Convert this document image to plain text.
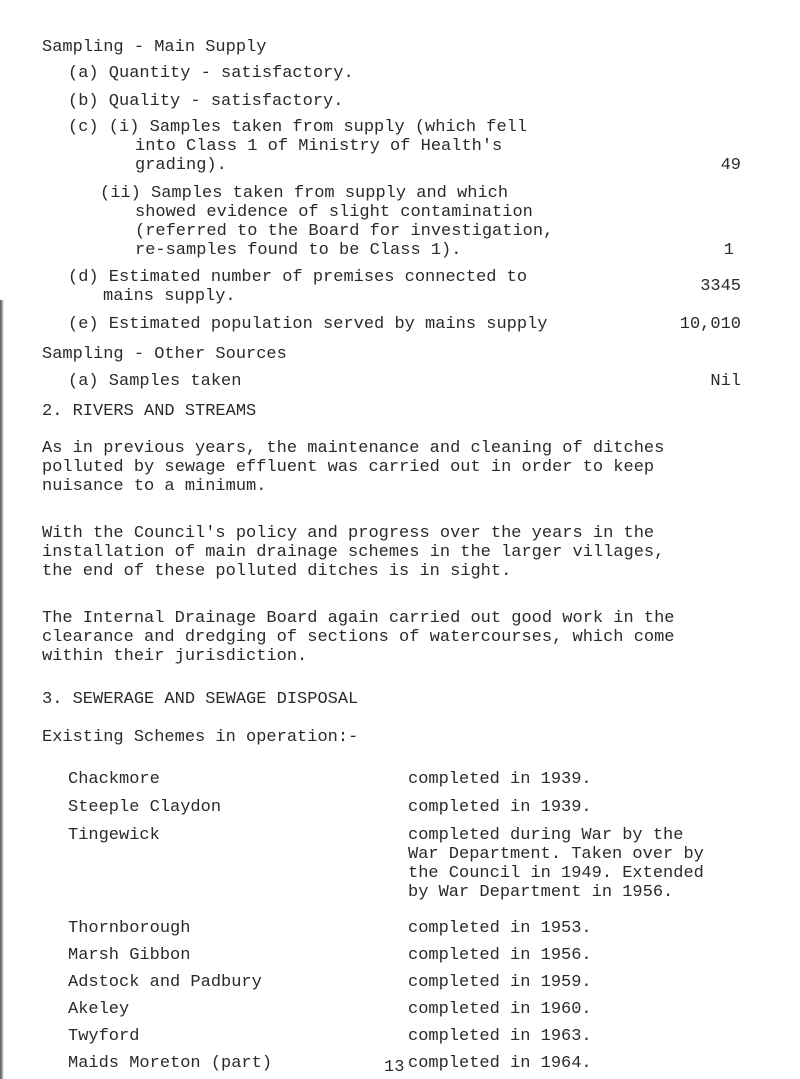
Sampling - Main Supply
(a) Quantity - satisfactory.
(b) Quality - satisfactory.
(c) (i) Samples taken from supply (which fell
into Class 1 of Ministry of Health's
grading).	49
(ii) Samples taken from supply and which
showed evidence of slight contamination
(referred to the Board for investigation,
re-samples found to be Class 1).	1
(d) Estimated number of premises connected to
mains supply.
3345
(e) Estimated population served by mains supply	10,010
Sampling - Other Sources
(a) Samples taken	Nil
2. RIVERS AND STREAMS
As in previous years, the maintenance and cleaning of ditches
polluted by sewage effluent was carried out in order to keep
nuisance to a minimum.
With the Council's policy and progress over the years in the
installation of main drainage schemes in the larger villages,
the end of these polluted ditches is in sight.
The Internal Drainage Board again carried out good work in the
clearance and dredging of sections of watercourses, which come
within their jurisdiction.
3. SEWERAGE AND SEWAGE DISPOSAL
Existing Schemes in operation:-
Chackmore	completed in 1939.
Steeple Claydon	completed in 1939.
Tingewick	completed during War by the
War Department. Taken over by
the Council in 1949. Extended
by War Department in 1956.
Thornborough	completed in 1953.
Marsh Gibbon	completed in 1956.
Adstock and Padbury	completed in 1959.
Akeley	completed in 1960.
Twyford	completed in 1963.
Maids Moreton (part)	completed in 1964.
13
